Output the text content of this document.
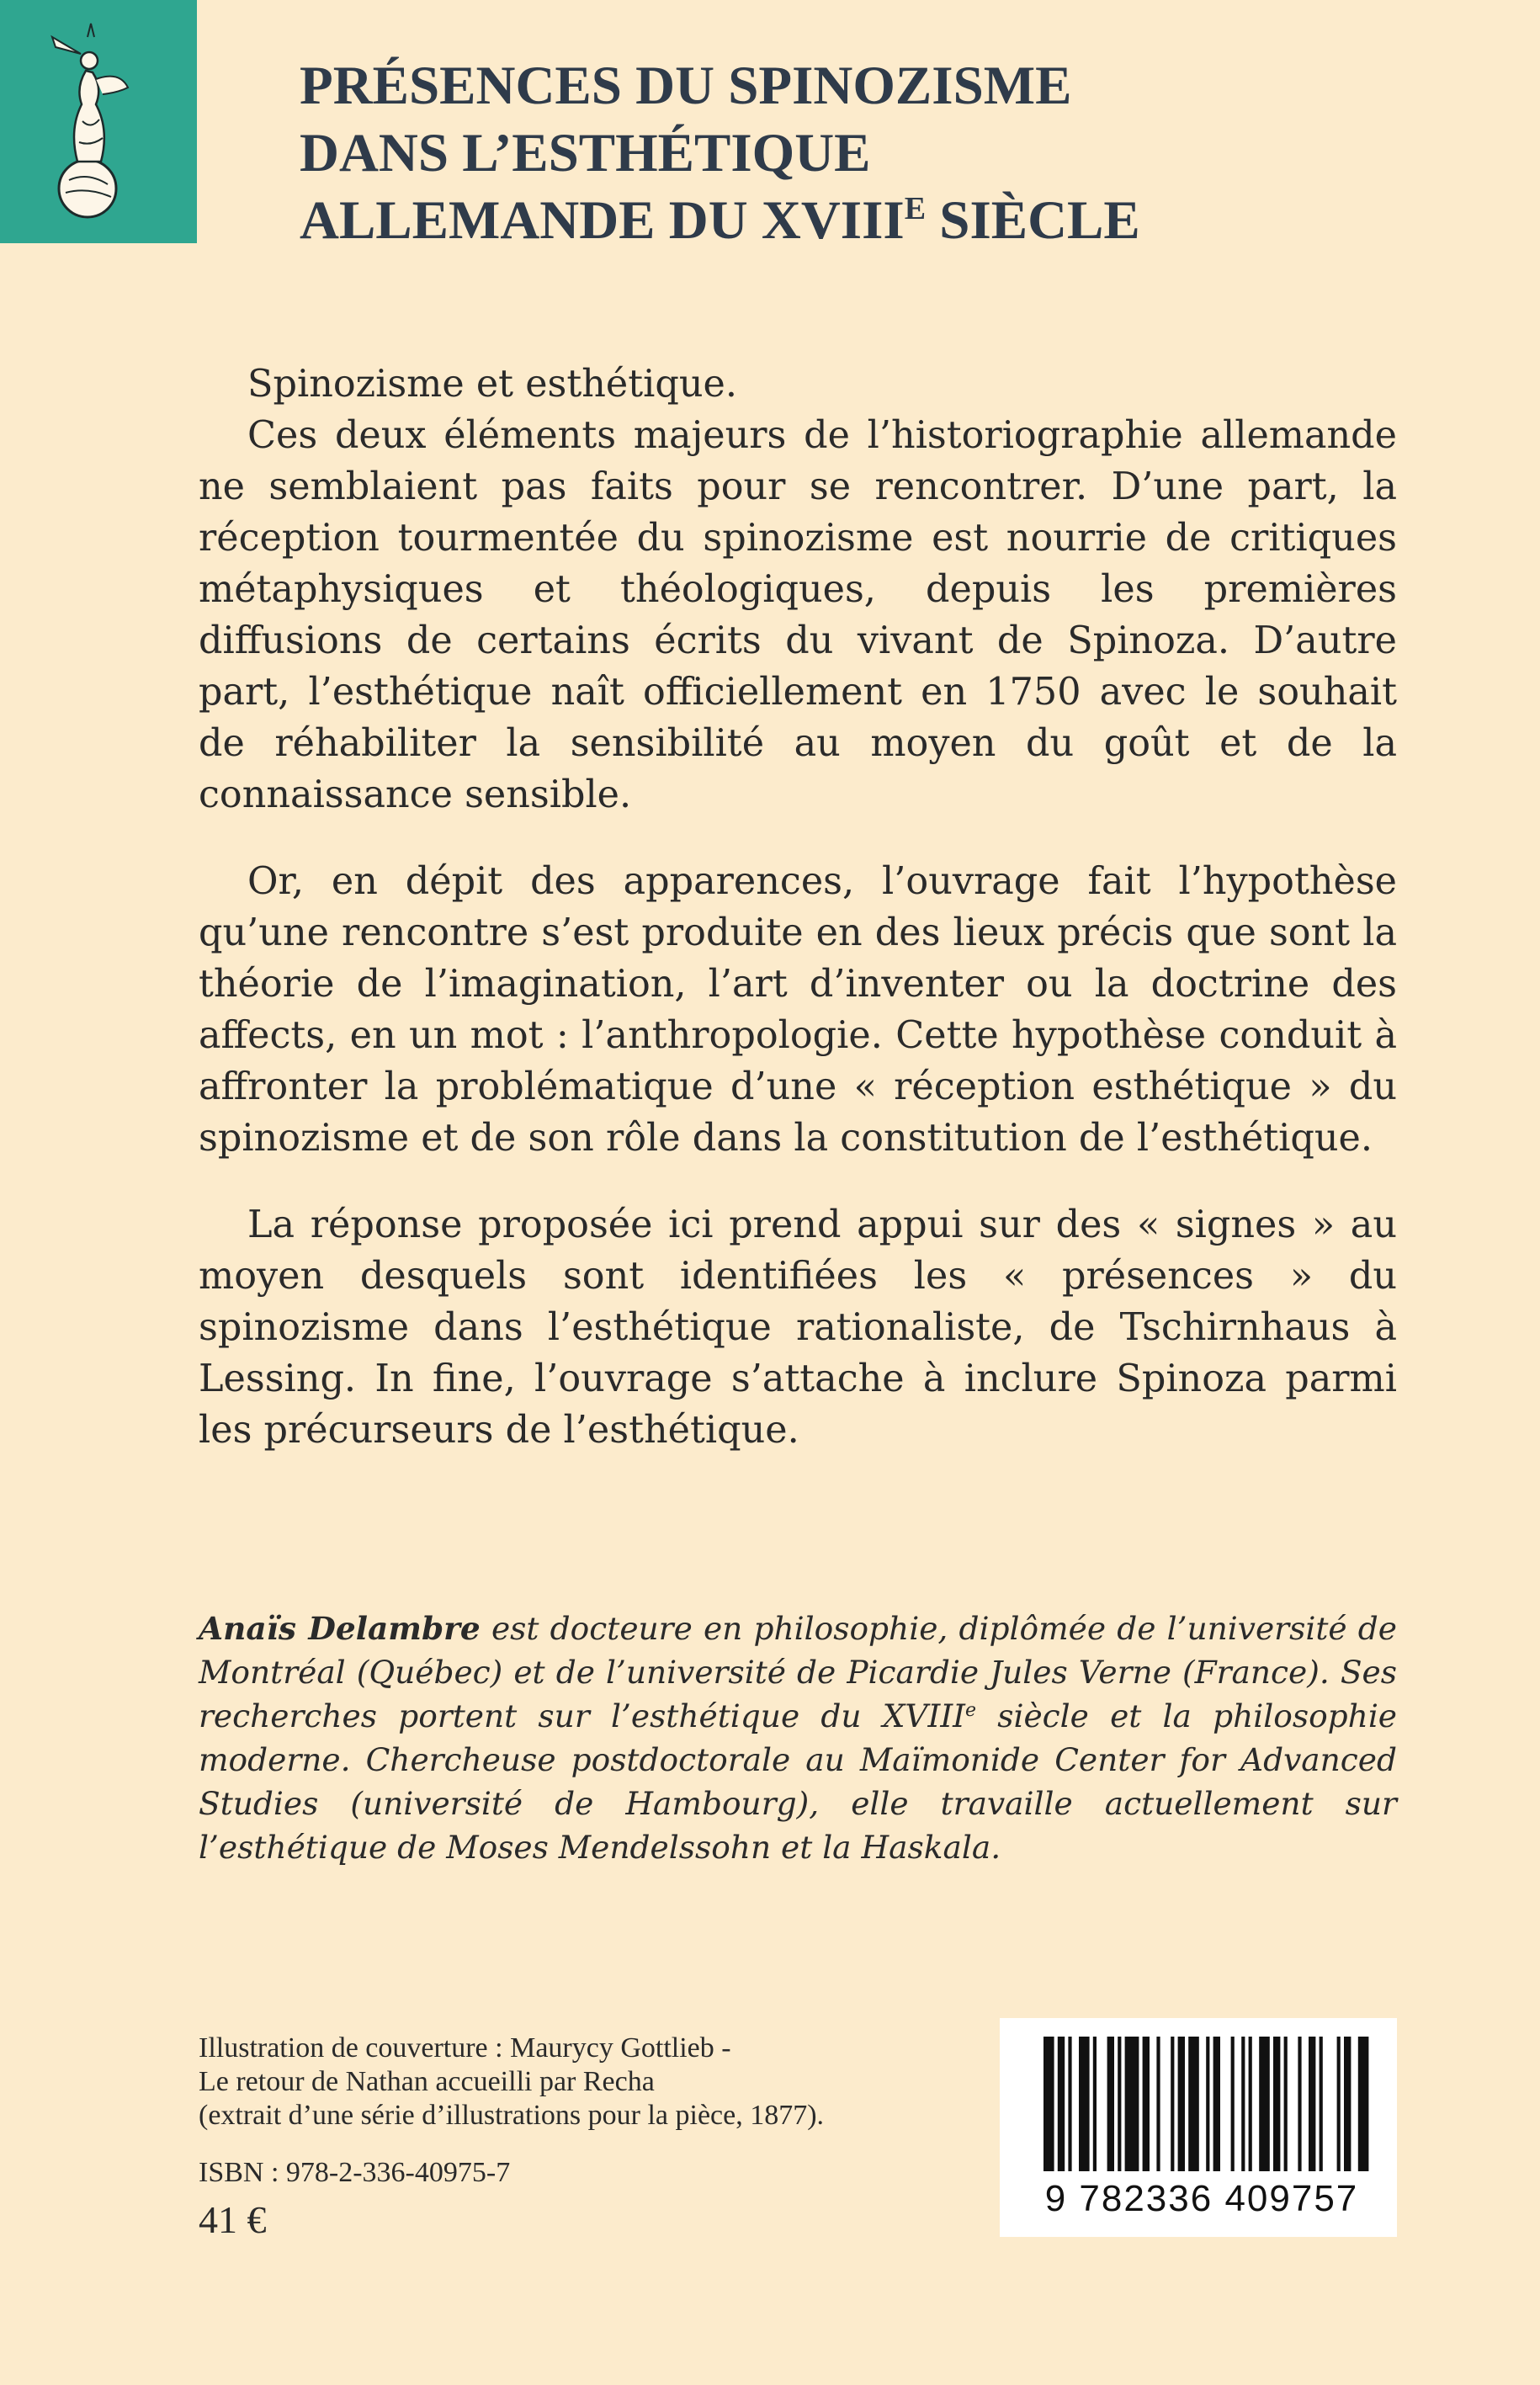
PRÉSENCES DU SPINOZISME
DANS L’ESTHÉTIQUE
ALLEMANDE DU $XVIII^E$ SIÈCLE

Spinozisme et esthétique.

Ces deux éléments majeurs de l’historiographie allemande ne semblaient pas faits pour se rencontrer. D’une part, la réception tourmentée du spinozisme est nourrie de critiques métaphysiques et théologiques, depuis les premières diffusions de certains écrits du vivant de Spinoza. D’autre part, l’esthétique naît officiellement en 1750 avec le souhait de réhabiliter la sensibilité au moyen du goût et de la connaissance sensible.

Or, en dépit des apparences, l’ouvrage fait l’hypothèse qu’une rencontre s’est produite en des lieux précis que sont la théorie de l’imagination, l’art d’inventer ou la doctrine des affects, en un mot : l’anthropologie. Cette hypothèse conduit à affronter la problématique d’une « réception esthétique » du spinozisme et de son rôle dans la constitution de l’esthétique.

La réponse proposée ici prend appui sur des « signes » au moyen desquels sont identifiées les « présences » du spinozisme dans l’esthétique rationaliste, de Tschirnhaus à Lessing. In fine, l’ouvrage s’attache à inclure Spinoza parmi les précurseurs de l’esthétique.

Anaïs Delambre est docteure en philosophie, diplômée de l’université de Montréal (Québec) et de l’université de Picardie Jules Verne (France). Ses recherches portent sur l’esthétique du XVIIIe siècle et la philosophie moderne. Chercheuse postdoctorale au Maïmonide Center for Advanced Studies (université de Hambourg), elle travaille actuellement sur l’esthétique de Moses Mendelssohn et la Haskala.

Illustration de couverture : Maurycy Gottlieb -
Le retour de Nathan accueilli par Recha
(extrait d’une série d’illustrations pour la pièce, 1877).
ISBN : 978-2-336-40975-7
41 €	9 782336 409757
